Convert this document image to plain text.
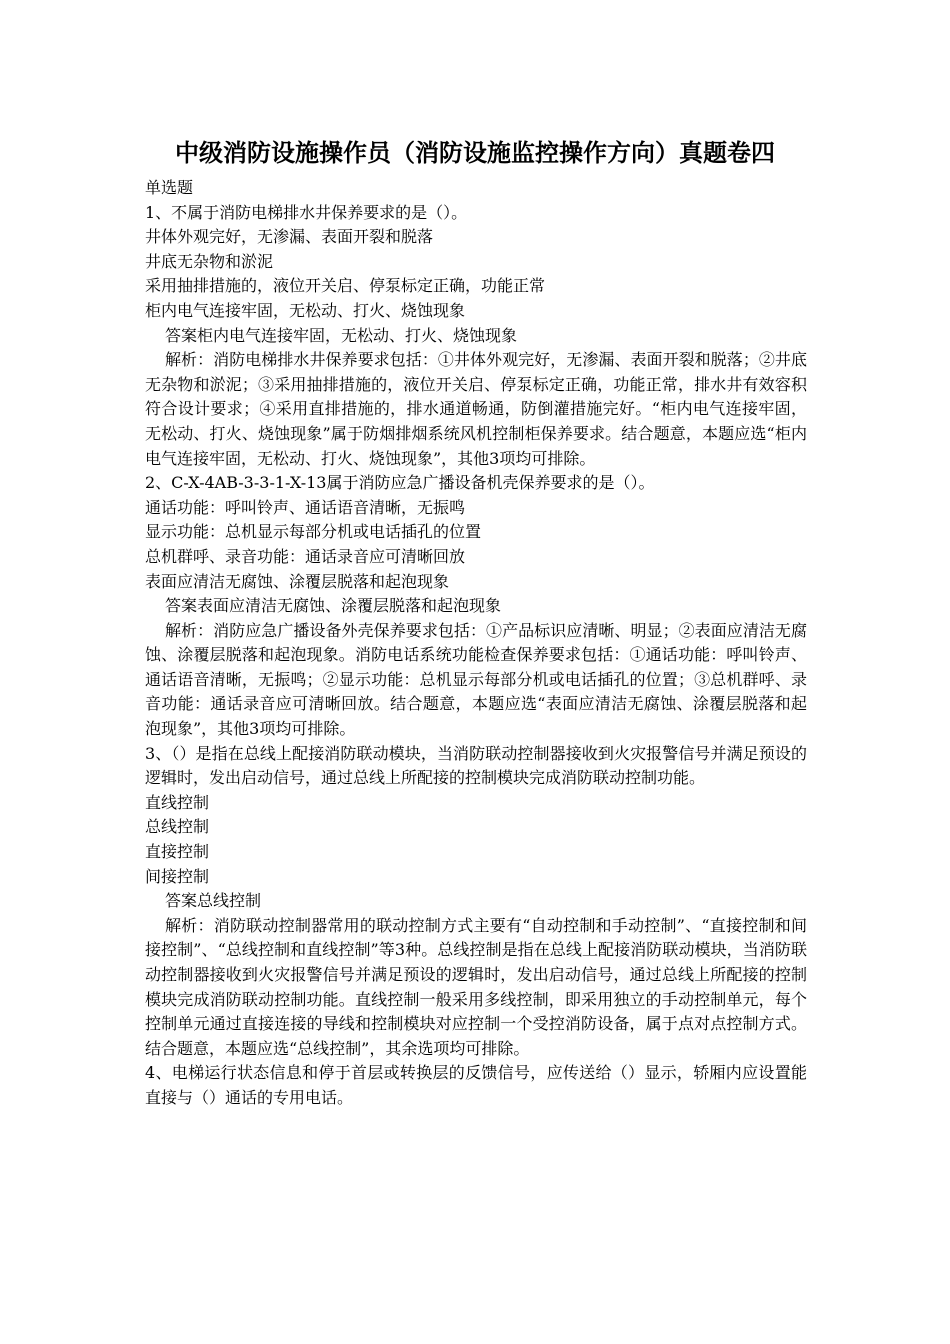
中级消防设施操作员（消防设施监控操作方向）真题卷四
单选题
1、不属于消防电梯排水井保养要求的是（）。
井体外观完好，无渗漏、表面开裂和脱落
井底无杂物和淤泥
采用抽排措施的，液位开关启、停泵标定正确，功能正常
柜内电气连接牢固，无松动、打火、烧蚀现象
答案柜内电气连接牢固，无松动、打火、烧蚀现象
解析：消防电梯排水井保养要求包括：①井体外观完好，无渗漏、表面开裂和脱落；②井底无杂物和淤泥；③采用抽排措施的，液位开关启、停泵标定正确，功能正常，排水井有效容积符合设计要求；④采用直排措施的，排水通道畅通，防倒灌措施完好。“柜内电气连接牢固，无松动、打火、烧蚀现象”属于防烟排烟系统风机控制柜保养要求。结合题意，本题应选“柜内电气连接牢固，无松动、打火、烧蚀现象”，其他3项均可排除。
2、C-X-4AB-3-3-1-X-13属于消防应急广播设备机壳保养要求的是（）。
通话功能：呼叫铃声、通话语音清晰，无振鸣
显示功能：总机显示每部分机或电话插孔的位置
总机群呼、录音功能：通话录音应可清晰回放
表面应清洁无腐蚀、涂覆层脱落和起泡现象
答案表面应清洁无腐蚀、涂覆层脱落和起泡现象
解析：消防应急广播设备外壳保养要求包括：①产品标识应清晰、明显；②表面应清洁无腐蚀、涂覆层脱落和起泡现象。消防电话系统功能检查保养要求包括：①通话功能：呼叫铃声、通话语音清晰，无振鸣；②显示功能：总机显示每部分机或电话插孔的位置；③总机群呼、录音功能：通话录音应可清晰回放。结合题意，本题应选“表面应清洁无腐蚀、涂覆层脱落和起泡现象”，其他3项均可排除。
3、（）是指在总线上配接消防联动模块，当消防联动控制器接收到火灾报警信号并满足预设的逻辑时，发出启动信号，通过总线上所配接的控制模块完成消防联动控制功能。
直线控制
总线控制
直接控制
间接控制
答案总线控制
解析：消防联动控制器常用的联动控制方式主要有“自动控制和手动控制”、“直接控制和间接控制”、“总线控制和直线控制”等3种。总线控制是指在总线上配接消防联动模块，当消防联动控制器接收到火灾报警信号并满足预设的逻辑时，发出启动信号，通过总线上所配接的控制模块完成消防联动控制功能。直线控制一般采用多线控制，即采用独立的手动控制单元，每个控制单元通过直接连接的导线和控制模块对应控制一个受控消防设备，属于点对点控制方式。结合题意，本题应选“总线控制”，其余选项均可排除。
4、电梯运行状态信息和停于首层或转换层的反馈信号，应传送给（）显示，轿厢内应设置能直接与（）通话的专用电话。
